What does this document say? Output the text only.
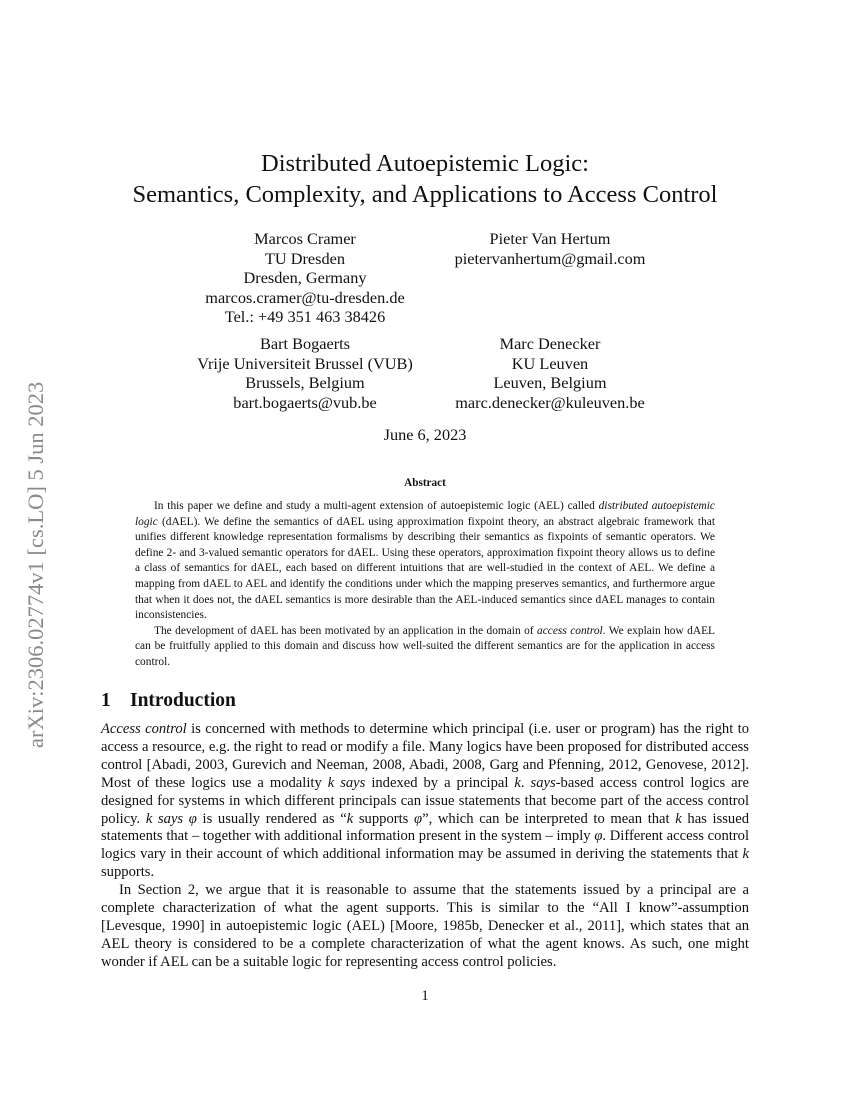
arXiv:2306.02774v1 [cs.LO] 5 Jun 2023
Distributed Autoepistemic Logic:
Semantics, Complexity, and Applications to Access Control
Marcos Cramer
TU Dresden
Dresden, Germany
marcos.cramer@tu-dresden.de
Tel.: +49 351 463 38426
Pieter Van Hertum
pietervanhertum@gmail.com
Bart Bogaerts
Vrije Universiteit Brussel (VUB)
Brussels, Belgium
bart.bogaerts@vub.be
Marc Denecker
KU Leuven
Leuven, Belgium
marc.denecker@kuleuven.be
June 6, 2023
Abstract

In this paper we define and study a multi-agent extension of autoepistemic logic (AEL) called distributed autoepistemic logic (dAEL). We define the semantics of dAEL using approximation fixpoint theory, an abstract algebraic framework that unifies different knowledge representation formalisms by describing their semantics as fixpoints of semantic operators. We define 2- and 3-valued semantic operators for dAEL. Using these operators, approximation fixpoint theory allows us to define a class of semantics for dAEL, each based on different intuitions that are well-studied in the context of AEL. We define a mapping from dAEL to AEL and identify the conditions under which the mapping preserves semantics, and furthermore argue that when it does not, the dAEL semantics is more desirable than the AEL-induced semantics since dAEL manages to contain inconsistencies.

The development of dAEL has been motivated by an application in the domain of access control. We explain how dAEL can be fruitfully applied to this domain and discuss how well-suited the different semantics are for the application in access control.

1 Introduction

Access control is concerned with methods to determine which principal (i.e. user or program) has the right to access a resource, e.g. the right to read or modify a file. Many logics have been proposed for distributed access control [Abadi, 2003, Gurevich and Neeman, 2008, Abadi, 2008, Garg and Pfenning, 2012, Genovese, 2012]. Most of these logics use a modality k says indexed by a principal k. says-based access control logics are designed for systems in which different principals can issue statements that become part of the access control policy. k says φ is usually rendered as “k supports φ”, which can be interpreted to mean that k has issued statements that – together with additional information present in the system – imply φ. Different access control logics vary in their account of which additional information may be assumed in deriving the statements that k supports.

In Section 2, we argue that it is reasonable to assume that the statements issued by a principal are a complete characterization of what the agent supports. This is similar to the “All I know”-assumption [Levesque, 1990] in autoepistemic logic (AEL) [Moore, 1985b, Denecker et al., 2011], which states that an AEL theory is considered to be a complete characterization of what the agent knows. As such, one might wonder if AEL can be a suitable logic for representing access control policies.

1
